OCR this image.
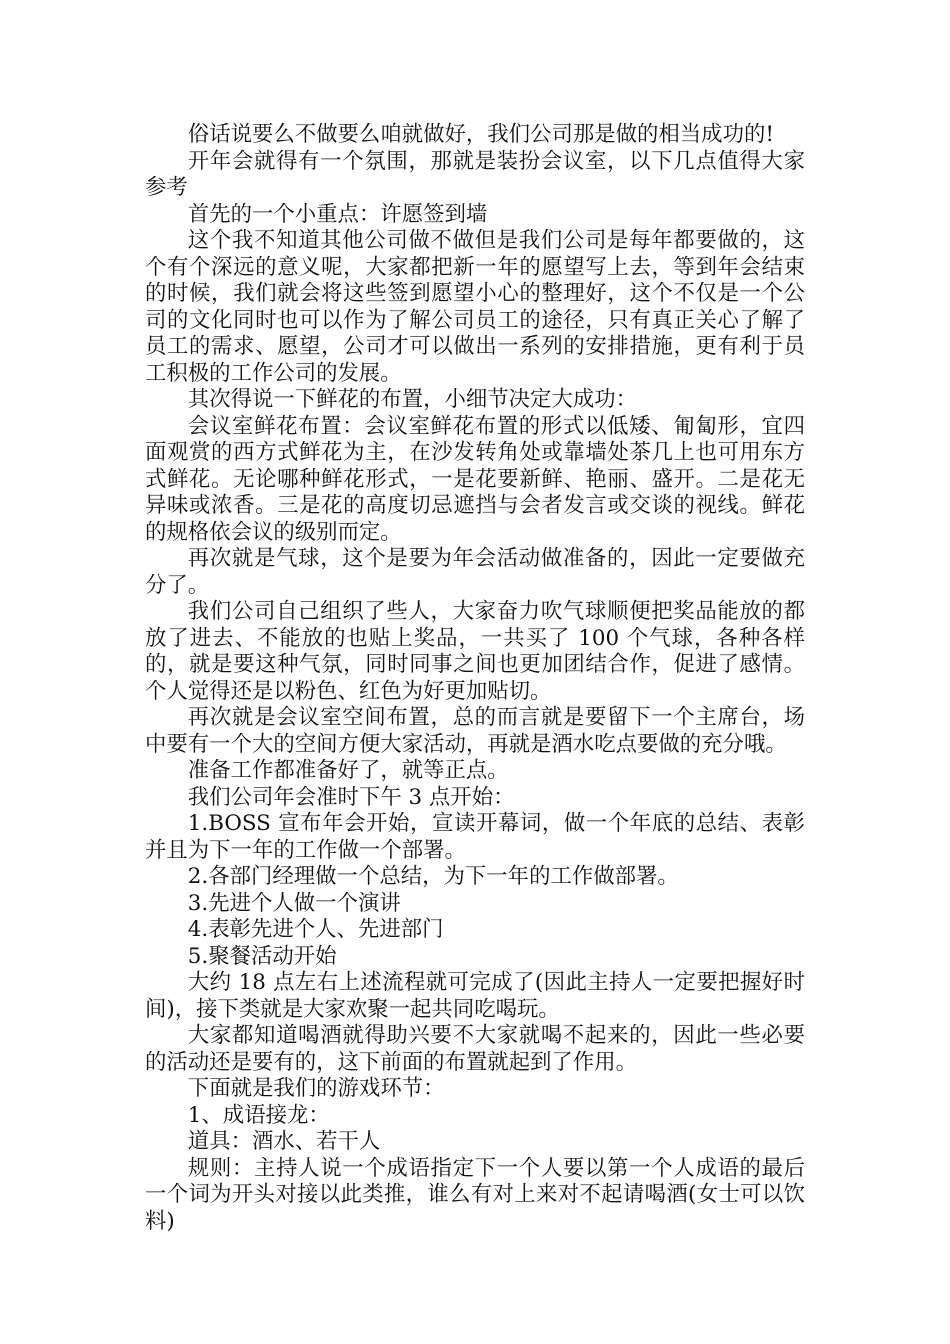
俗话说要么不做要么咱就做好，我们公司那是做的相当成功的!

开年会就得有一个氛围，那就是装扮会议室，以下几点值得大家参考

首先的一个小重点：许愿签到墙

这个我不知道其他公司做不做但是我们公司是每年都要做的，这个有个深远的意义呢，大家都把新一年的愿望写上去，等到年会结束的时候，我们就会将这些签到愿望小心的整理好，这个不仅是一个公司的文化同时也可以作为了解公司员工的途径，只有真正关心了解了员工的需求、愿望，公司才可以做出一系列的安排措施，更有利于员工积极的工作公司的发展。

其次得说一下鲜花的布置，小细节决定大成功：

会议室鲜花布置：会议室鲜花布置的形式以低矮、匍匐形，宜四面观赏的西方式鲜花为主，在沙发转角处或靠墙处茶几上也可用东方式鲜花。无论哪种鲜花形式，一是花要新鲜、艳丽、盛开。二是花无异味或浓香。三是花的高度切忌遮挡与会者发言或交谈的视线。鲜花的规格依会议的级别而定。

再次就是气球，这个是要为年会活动做准备的，因此一定要做充分了。

我们公司自己组织了些人，大家奋力吹气球顺便把奖品能放的都放了进去、不能放的也贴上奖品，一共买了 100 个气球，各种各样的，就是要这种气氛，同时同事之间也更加团结合作，促进了感情。个人觉得还是以粉色、红色为好更加贴切。

再次就是会议室空间布置，总的而言就是要留下一个主席台，场中要有一个大的空间方便大家活动，再就是酒水吃点要做的充分哦。

准备工作都准备好了，就等正点。

我们公司年会准时下午 3 点开始：

1.BOSS 宣布年会开始，宣读开幕词，做一个年底的总结、表彰并且为下一年的工作做一个部署。

2.各部门经理做一个总结，为下一年的工作做部署。

3.先进个人做一个演讲

4.表彰先进个人、先进部门

5.聚餐活动开始

大约 18 点左右上述流程就可完成了(因此主持人一定要把握好时间)，接下类就是大家欢聚一起共同吃喝玩。

大家都知道喝酒就得助兴要不大家就喝不起来的，因此一些必要的活动还是要有的，这下前面的布置就起到了作用。

下面就是我们的游戏环节：

1、成语接龙：

道具：酒水、若干人

规则：主持人说一个成语指定下一个人要以第一个人成语的最后一个词为开头对接以此类推，谁么有对上来对不起请喝酒(女士可以饮料)
